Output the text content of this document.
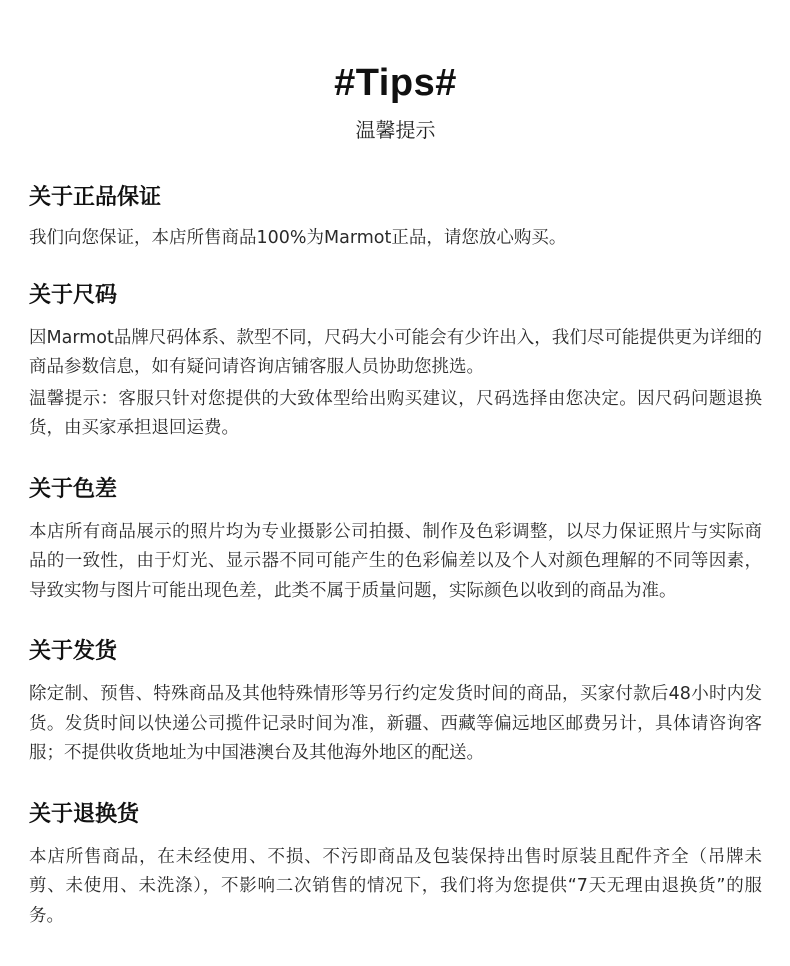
#Tips#
温馨提示
关于正品保证

我们向您保证，本店所售商品100%为Marmot正品，请您放心购买。

关于尺码

因Marmot品牌尺码体系、款型不同，尺码大小可能会有少许出入，我们尽可能提供更为详细的商品参数信息，如有疑问请咨询店铺客服人员协助您挑选。

温馨提示：客服只针对您提供的大致体型给出购买建议，尺码选择由您决定。因尺码问题退换货，由买家承担退回运费。

关于色差

本店所有商品展示的照片均为专业摄影公司拍摄、制作及色彩调整，以尽力保证照片与实际商品的一致性，由于灯光、显示器不同可能产生的色彩偏差以及个人对颜色理解的不同等因素，导致实物与图片可能出现色差，此类不属于质量问题，实际颜色以收到的商品为准。

关于发货

除定制、预售、特殊商品及其他特殊情形等另行约定发货时间的商品，买家付款后48小时内发货。发货时间以快递公司揽件记录时间为准，新疆、西藏等偏远地区邮费另计，具体请咨询客服；不提供收货地址为中国港澳台及其他海外地区的配送。

关于退换货

本店所售商品，在未经使用、不损、不污即商品及包装保持出售时原装且配件齐全（吊牌未剪、未使用、未洗涤），不影响二次销售的情况下，我们将为您提供“7天无理由退换货”的服务。
